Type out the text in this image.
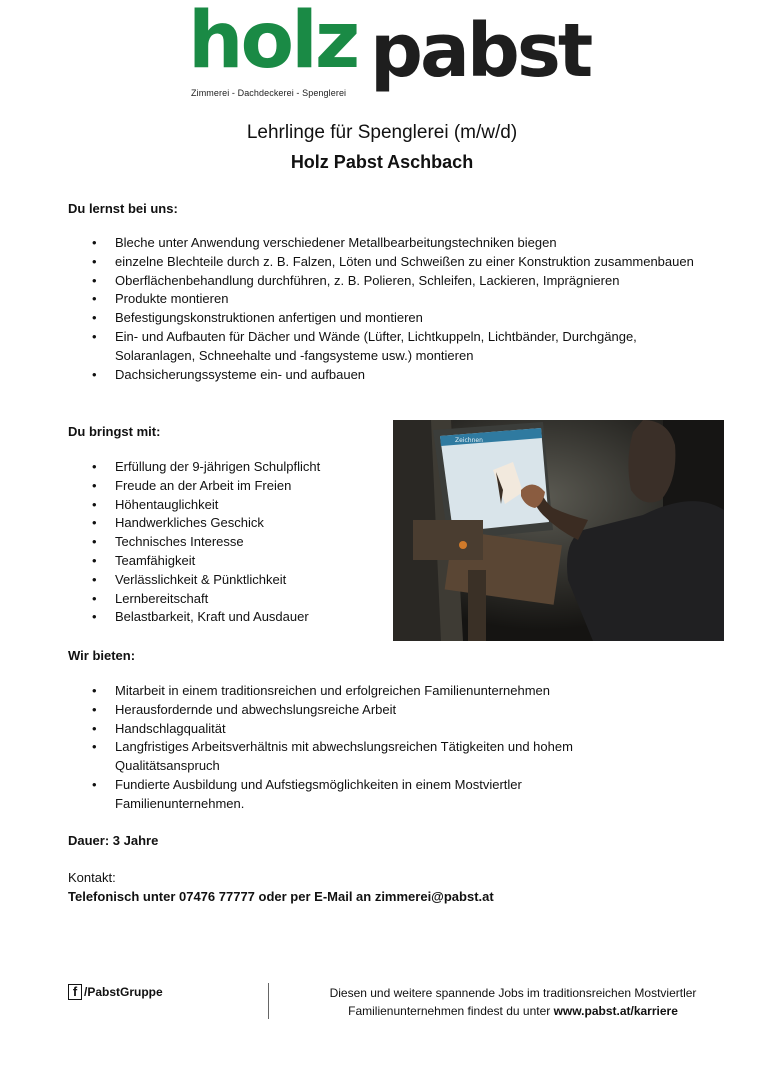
holz pabst
Zimmerei - Dachdeckerei - Spenglerei
Lehrlinge für Spenglerei (m/w/d)
Holz Pabst Aschbach
Du lernst bei uns:
• Bleche unter Anwendung verschiedener Metallbearbeitungstechniken biegen
• einzelne Blechteile durch z. B. Falzen, Löten und Schweißen zu einer Konstruktion zusammenbauen
• Oberflächenbehandlung durchführen, z. B. Polieren, Schleifen, Lackieren, Imprägnieren
• Produkte montieren
• Befestigungskonstruktionen anfertigen und montieren
• Ein- und Aufbauten für Dächer und Wände (Lüfter, Lichtkuppeln, Lichtbänder, Durchgänge, Solaranlagen, Schneehalte und -fangsysteme usw.) montieren
• Dachsicherungssysteme ein- und aufbauen
Du bringst mit:
• Erfüllung der 9-jährigen Schulpflicht
• Freude an der Arbeit im Freien
• Höhentauglichkeit
• Handwerkliches Geschick
• Technisches Interesse
• Teamfähigkeit
• Verlässlichkeit & Pünktlichkeit
• Lernbereitschaft
• Belastbarkeit, Kraft und Ausdauer
Zeichnen
Wir bieten:
• Mitarbeit in einem traditionsreichen und erfolgreichen Familienunternehmen
• Herausfordernde und abwechslungsreiche Arbeit
• Handschlagqualität
• Langfristiges Arbeitsverhältnis mit abwechslungsreichen Tätigkeiten und hohem Qualitätsanspruch
• Fundierte Ausbildung und Aufstiegsmöglichkeiten in einem Mostviertler Familienunternehmen.
Dauer: 3 Jahre
Kontakt:
Telefonisch unter 07476 77777 oder per E-Mail an zimmerei@pabst.at
f /PabstGruppe	Diesen und weitere spannende Jobs im traditionsreichen Mostviertler Familienunternehmen findest du unter www.pabst.at/karriere
